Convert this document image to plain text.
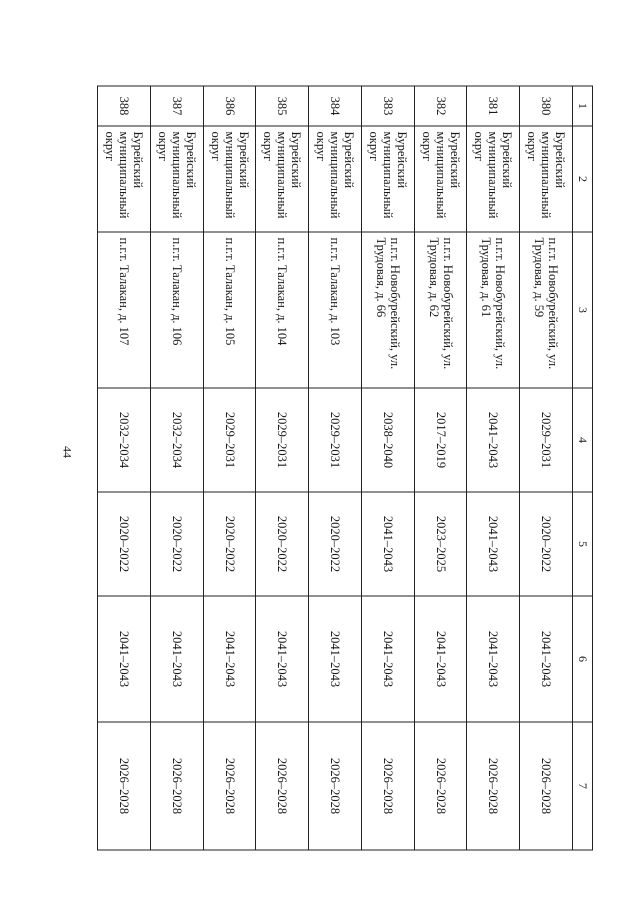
44
1	2	3	4	5	6	7
380	Бурейский муниципальный округ	п.г.т. Новобурейский, ул. Трудовая, д. 59	2029–2031	2020–2022	2041–2043	2026–2028
381	Бурейский муниципальный округ	п.г.т. Новобурейский, ул. Трудовая, д. 61	2041–2043	2041–2043	2041–2043	2026–2028
382	Бурейский муниципальный округ	п.г.т. Новобурейский, ул. Трудовая, д. 62	2017–2019	2023–2025	2041–2043	2026–2028
383	Бурейский муниципальный округ	п.г.т. Новобурейский, ул. Трудовая, д. 66	2038–2040	2041–2043	2041–2043	2026–2028
384	Бурейский муниципальный округ	п.г.т. Талакан, д. 103	2029–2031	2020–2022	2041–2043	2026–2028
385	Бурейский муниципальный округ	п.г.т. Талакан, д. 104	2029–2031	2020–2022	2041–2043	2026–2028
386	Бурейский муниципальный округ	п.г.т. Талакан, д. 105	2029–2031	2020–2022	2041–2043	2026–2028
387	Бурейский муниципальный округ	п.г.т. Талакан, д. 106	2032–2034	2020–2022	2041–2043	2026–2028
388	Бурейский муниципальный округ	п.г.т. Талакан, д. 107	2032–2034	2020–2022	2041–2043	2026–2028
